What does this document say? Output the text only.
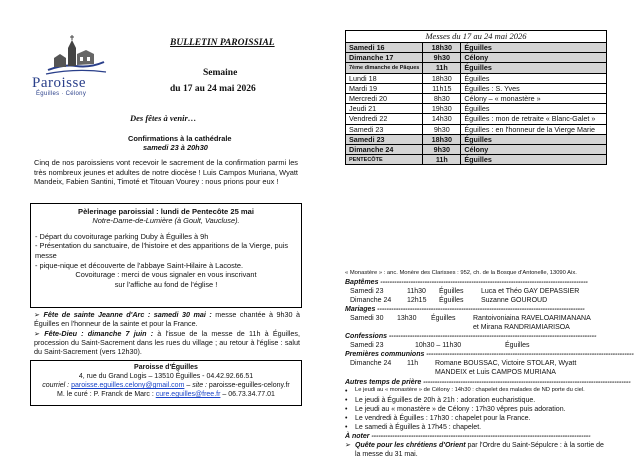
Paroisse
Éguilles · Célony
BULLETIN PAROISSIAL
Semaine
du 17 au 24 mai 2026
Des fêtes à venir…
Confirmations à la cathédrale
samedi 23 à 20h30
Cinq de nos paroissiens vont recevoir le sacrement de la confirmation parmi les très nombreux jeunes et adultes de notre diocèse ! Luis Campos Muriana, Wyatt Mandeix, Fabien Santini, Timoté et Titouan Vourey : nous prions pour eux !
Pèlerinage paroissial : lundi de Pentecôte 25 mai
Notre-Dame-de-Lumière (à Goult, Vaucluse).
- Départ du covoiturage parking Duby à Éguilles à 9h
- Présentation du sanctuaire, de l'histoire et des apparitions de la Vierge, puis messe
- pique-nique et découverte de l'abbaye Saint-Hilaire à Lacoste.
Covoiturage : merci de vous signaler en vous inscrivant
sur l'affiche au fond de l'église !

➢ Fête de sainte Jeanne d'Arc : samedi 30 mai : messe chantée à 9h30 à Éguilles en l'honneur de la sainte et pour la France.

➢ Fête-Dieu : dimanche 7 juin : à l'issue de la messe de 11h à Éguilles, procession du Saint-Sacrement dans les rues du village ; au retour à l'église : salut du Saint-Sacrement (vers 12h30).

Paroisse d'Éguilles
4, rue du Grand Logis – 13510 Éguilles - 04.42.92.66.51
courriel : paroisse.eguilles.celony@gmail.com – site : paroisse-eguilles-celony.fr
M. le curé : P. Franck de Marc : cure.eguilles@free.fr – 06.73.34.77.01
Messes du 17 au 24 mai 2026		
Samedi 16	18h30	Éguilles
Dimanche 17	9h30	Célony
7ème dimanche de Pâques	11h	Éguilles
Lundi 18	18h30	Éguilles
Mardi 19	11h15	Éguilles : S. Yves
Mercredi 20	8h30	Célony – « monastère »
Jeudi 21	19h30	Éguilles
Vendredi 22	14h30	Éguilles : mon de retraite « Blanc-Galet »
Samedi 23	9h30	Éguilles : en l'honneur de la Vierge Marie
Samedi 23	18h30	Éguilles
Dimanche 24	9h30	Célony
PENTECÔTE	11h	Éguilles
« Monastère » : anc. Monère des Clarisses : 952, ch. de la Bosque d'Antonelle, 13090 Aix.
Baptêmes -----------------------------------------------------------------------------------------
Samedi 23	11h30	Éguilles	Luca et Théo GAY DEPASSIER
Dimanche 24	12h15	Éguilles	Suzanne GOUROUD
Mariages -----------------------------------------------------------------------------------------
Samedi 30	13h30	Éguilles	Rantoivoniaina RAVELOARIMANANA
et Mirana RANDRIAMIARISOA
Confessions -----------------------------------------------------------------------------------------
Samedi 23	10h30 – 11h30	Éguilles
Premières communions -----------------------------------------------------------------------------------------
Dimanche 24	11h	Romane BOUSSAC, Victoire STOLAR, Wyatt
MANDEIX et Luis CAMPOS MURIANA
Autres temps de prière -----------------------------------------------------------------------------------------
•	Le jeudi au « monastère » de Célony : 14h30 : chapelet des malades de ND porte du ciel.
•	Le jeudi à Éguilles de 20h à 21h : adoration eucharistique.
•	Le jeudi au « monastère » de Célony : 17h30 vêpres puis adoration.
•	Le vendredi à Éguilles : 17h30 : chapelet pour la France.
•	Le samedi à Éguilles à 17h45 : chapelet.
À noter ----------------------------------------------------------------------------------------------
➢ Quête pour les chrétiens d'Orient par l'Ordre du Saint-Sépulcre : à la sortie de la messe du 31 mai.
